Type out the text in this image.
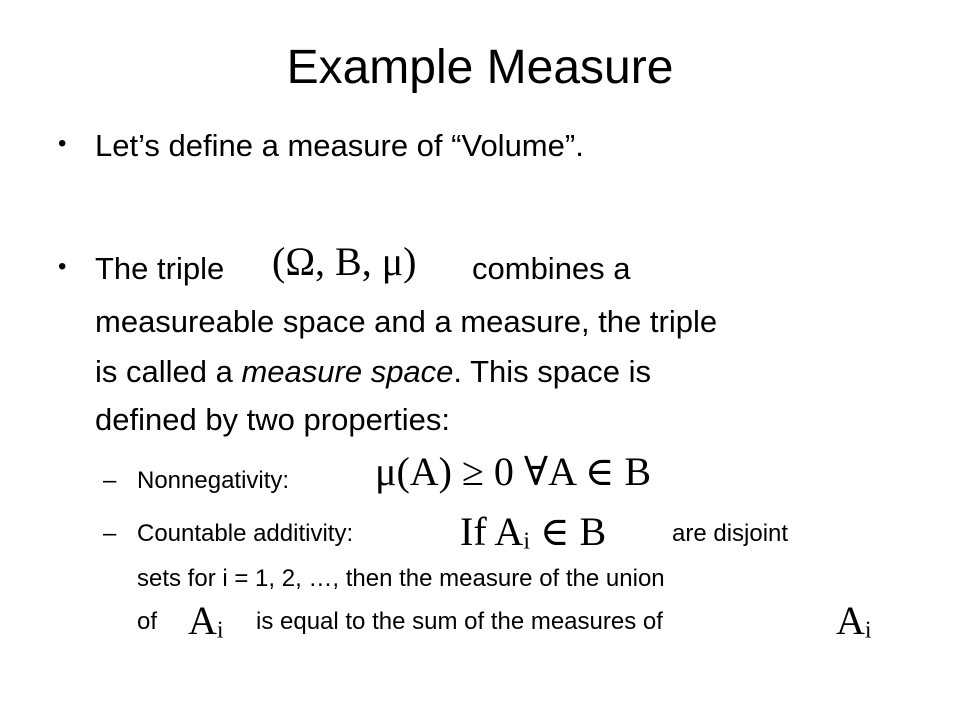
Example Measure
• Let’s define a measure of “Volume”.
• The triple (Ω, B, μ) combines a
measureable space and a measure, the triple
is called a measure space. This space is
defined by two properties:
– Nonnegativity: μ(A) ≥ 0 ∀A ∈ B
– Countable additivity:	If Aᵢ ∈ B	are disjoint
sets for i = 1, 2, …, then the measure of the union
of Aᵢ is equal to the sum of the measures of	Aᵢ
